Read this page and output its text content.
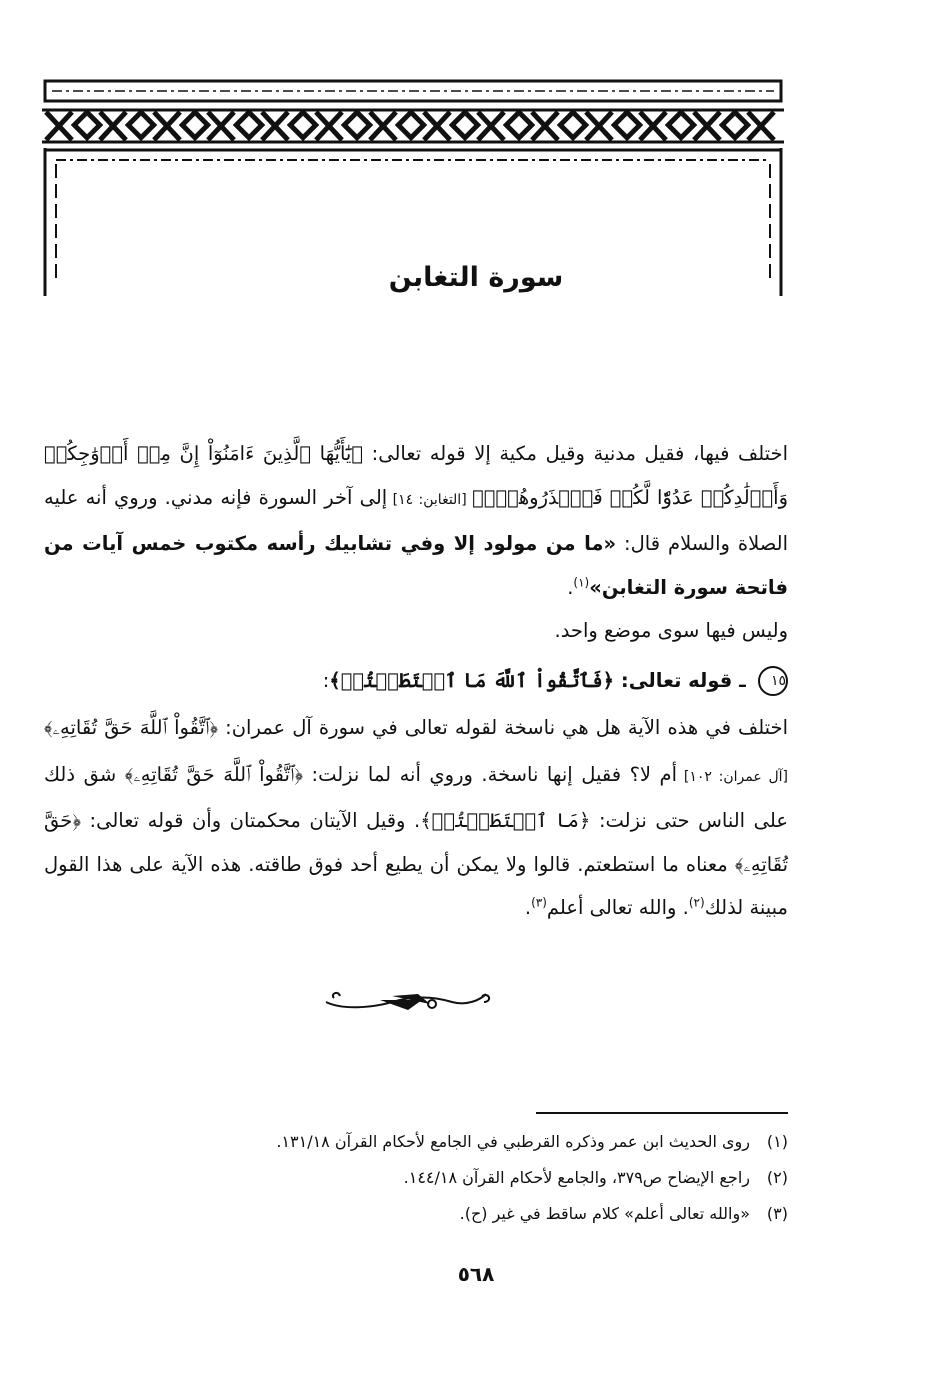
سورة التغابن

اختلف فيها، فقيل مدنية وقيل مكية إلا قوله تعالى: ﴿يَٰٓأَيُّهَا ٱلَّذِينَ ءَامَنُوٓاْ إِنَّ مِنۡ أَزۡوَٰجِكُمۡ وَأَوۡلَٰدِكُمۡ عَدُوّٗا لَّكُمۡ فَٱحۡذَرُوهُمۡۚ﴾ [التغابن: ١٤] إلى آخر السورة فإنه مدني. وروي أنه عليه الصلاة والسلام قال: «ما من مولود إلا وفي تشابيك رأسه مكتوب خمس آيات من فاتحة سورة التغابن»$^{(١)}$.

وليس فيها سوى موضع واحد.

١٥ ـ قوله تعالى: ﴿فَٱتَّقُواْ ٱللَّهَ مَا ٱسۡتَطَعۡتُمۡ﴾:

اختلف في هذه الآية هل هي ناسخة لقوله تعالى في سورة آل عمران: ﴿ٱتَّقُواْ ٱللَّهَ حَقَّ تُقَاتِهِۦ﴾ [آل عمران: ١٠٢] أم لا؟ فقيل إنها ناسخة. وروي أنه لما نزلت: ﴿ٱتَّقُواْ ٱللَّهَ حَقَّ تُقَاتِهِۦ﴾ شق ذلك على الناس حتى نزلت: ﴿مَا ٱسۡتَطَعۡتُمۡ﴾. وقيل الآيتان محكمتان وأن قوله تعالى: ﴿حَقَّ تُقَاتِهِۦ﴾ معناه ما استطعتم. قالوا ولا يمكن أن يطيع أحد فوق طاقته. هذه الآية على هذا القول مبينة لذلك$^{(٢)}$. والله تعالى أعلم$^{(٣)}$.

(١)روى الحديث ابن عمر وذكره القرطبي في الجامع لأحكام القرآن ١٣١/١٨.
(٢)راجع الإيضاح ص٣٧٩، والجامع لأحكام القرآن ١٤٤/١٨.
(٣)«والله تعالى أعلم» كلام ساقط في غير (ح).
٥٦٨
